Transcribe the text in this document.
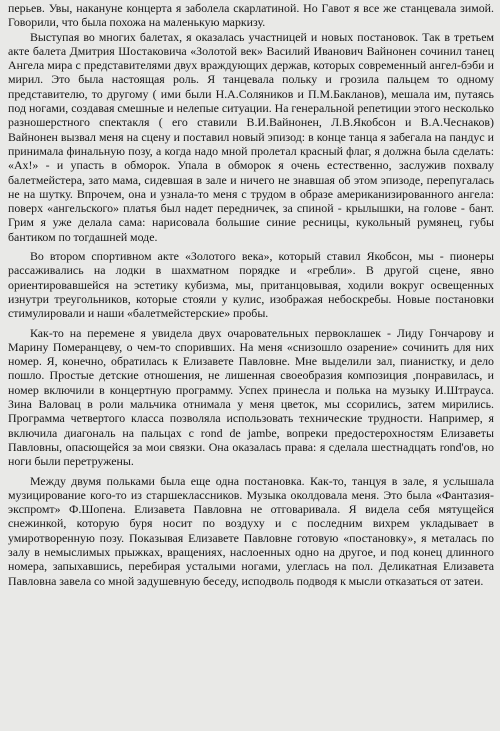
перьев. Увы, накануне концерта я заболела скарлатиной. Но Гавот я все же станцевала зимой. Говорили, что была похожа на маленькую маркизу.

Выступая во многих балетах, я оказалась участницей и новых постановок. Так в третьем акте балета Дмитрия Шостаковича «Золотой век» Василий Иванович Вайнонен сочинил танец Ангела мира с представителями двух враждующих держав, которых современный ангел-бэби и мирил. Это была настоящая роль. Я танцевала польку и грозила пальцем то одному представителю, то другому ( ими были Н.А.Соляников и П.М.Бакланов), мешала им, путаясь под ногами, создавая смешные и нелепые ситуации. На генеральной репетиции этого несколько разношерстного спектакля ( его ставили В.И.Вайнонен, Л.В.Якобсон и В.А.Чеснаков) Вайнонен вызвал меня на сцену и поставил новый эпизод: в конце танца я забегала на пандус и принимала финальную позу, а когда надо мной пролетал красный флаг, я должна была сделать: «Ах!» - и упасть в обморок. Упала в обморок я очень естественно, заслужив похвалу балетмейстера, зато мама, сидевшая в зале и ничего не знавшая об этом эпизоде, перепугалась не на шутку. Впрочем, она и узнала-то меня с трудом в образе американизированного ангела: поверх «ангельского» платья был надет передничек, за спиной - крылышки, на голове - бант. Грим я уже делала сама: нарисовала большие синие ресницы, кукольный румянец, губы бантиком по тогдашней моде.

Во втором спортивном акте «Золотого века», который ставил Якобсон, мы - пионеры рассаживались на лодки в шахматном порядке и «гребли». В другой сцене, явно ориентировавшейся на эстетику кубизма, мы, пританцовывая, ходили вокруг освещенных изнутри треугольников, которые стояли у кулис, изображая небоскребы. Новые постановки стимулировали и наши «балетмейстерские» пробы.

Как-то на перемене я увидела двух очаровательных первоклашек - Лиду Гончарову и Марину Померанцеву, о чем-то споривших. На меня «снизошло озарение» сочинить для них номер. Я, конечно, обратилась к Елизавете Павловне. Мне выделили зал, пианистку, и дело пошло. Простые детские отношения, не лишенная своеобразия композиция ,понравилась, и номер включили в концертную программу. Успех принесла и полька на музыку И.Штрауса. Зина Валовац в роли мальчика отнимала у меня цветок, мы ссорились, затем мирились. Программа четвертого класса позволяла использовать технические трудности. Например, я включила диагональ на пальцах с rond de jambe, вопреки предостерохностям Елизаветы Павловны, опасющейся за мои связки. Она оказалась права: я сделала шестнадцать rond'ов, но ноги были перетружены.

Между двумя польками была еще одна постановка. Как-то, танцуя в зале, я услышала музицирование кого-то из старшеклассников. Музыка околдовала меня. Это была «Фантазия-экспромт» Ф.Шопена. Елизавета Павловна не отговаривала. Я видела себя мятущейся снежинкой, которую буря носит по воздуху и с последним вихрем укладывает в умиротворенную позу. Показывая Елизавете Павловне готовую «постановку», я металась по залу в немыслимых прыжках, вращениях, наслоенных одно на другое, и под конец длинного номера, запыхавшись, перебирая усталыми ногами, улеглась на пол. Деликатная Елизавета Павловна завела со мной задушевную беседу, исподволь подводя к мысли отказаться от затеи.
